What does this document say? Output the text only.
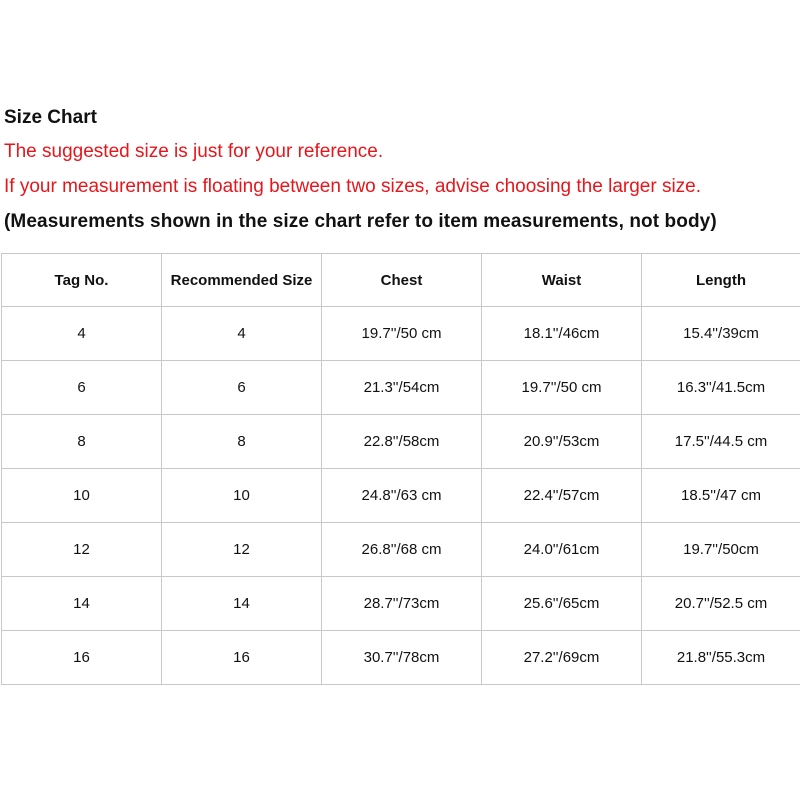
Size Chart
The suggested size is just for your reference.
If your measurement is floating between two sizes, advise choosing the larger size.
(Measurements shown in the size chart refer to item measurements, not body)
Tag No.	Recommended Size	Chest	Waist	Length
4	4	19.7''/50 cm	18.1''/46cm	15.4''/39cm
6	6	21.3''/54cm	19.7''/50 cm	16.3''/41.5cm
8	8	22.8''/58cm	20.9''/53cm	17.5''/44.5 cm
10	10	24.8''/63 cm	22.4''/57cm	18.5''/47 cm
12	12	26.8''/68 cm	24.0''/61cm	19.7''/50cm
14	14	28.7''/73cm	25.6''/65cm	20.7''/52.5 cm
16	16	30.7''/78cm	27.2''/69cm	21.8''/55.3cm
